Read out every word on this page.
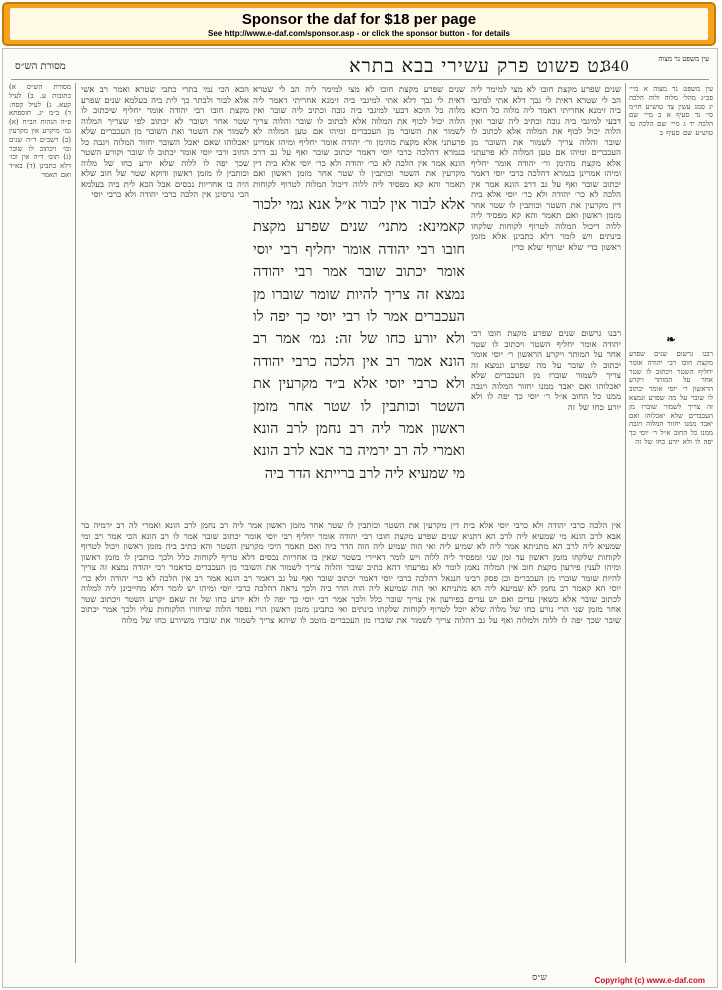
Sponsor the daf for $18 per page
See http://www.e-daf.com/sponsor.asp - or click the sponsor button - for details
מסורת הש״ס	גט פשוט פרק עשירי בבא בתרא
340	עין משפט נר מצוה
מסורת הש״ס א) כתובות ע. ב) לעיל קעא. ג) לעיל קסח: ד) ב״מ יג. תוספתא פ״ה הגהות הב״ח (א) גמ׳ מיקרע אין מקרעין (ב) רשב״ם ד״ה שנים וכו׳ ויכתוב לו שובר (ג) תוס׳ ד״ה אין וכו׳ דלא כתבינן (ד) בא״ד ואם תאמר
הכא הכי נמי בתרי כתבי שטרא ואמר רב אשי אלא לבור ולבתר כך לית ביה בעלמא שנים שפרע מקצת חובו רבי יהודה אומר יחליף שיכתוב לו שטר אחר ושובר לא יכתוב לפי שצריך המלוה לשמור את השטר ואת השובר מן העכברים שלא יאכלוהו שאם יאכל השובר יחזור המלוה ויגבה כל החוב ורבי יוסי אומר יכתוב לו שובר וקורע השטר שכך יפה לו ללוה שלא יורע כחו של מלוה וכותבין לו מזמן ראשון ודוקא שטר של חוב שלא היה בו אחריות נכסים אבל הכא לית ביה בעלמא הכי גרסינן אין הלכה כרבי יהודה ולא כרבי יוסי
שנים שפרע מקצת חובו לא מצי למימר ליה הב לי שטרא דאית לי גבך דלא אתי למיגבי ביה זימנא אחריתי דאמר ליה מלוה כל היכא דבעי למיגבי ביה גובה וכתיב ליה שובר ואין הלוה יכול לכוף את המלוה אלא לכתוב לו שובר והלוה צריך לשמור את השובר מן העכברים ומיהו אם טען המלוה לא פרעתני אלא מקצת מהימן ור׳ יהודה אומר יחליף ומיהו אמרינן בגמרא דהלכה כרבי יוסי דאמר יכתוב שובר ואף על גב דרב הונא אמר אין הלכה לא כר׳ יהודה ולא כר׳ יוסי אלא בית דין מקרעין את השטר וכותבין לו שטר אחר מזמן ראשון ואם תאמר והא קא מפסיד ליה ללוה דיכול המלוה לטרוף לקוחות שלקחו בינתים ויש לומר דלא כתבינן אלא מזמן ראשון כדי שלא יטרוף שלא כדין
שנים שפרע מקצת חובו לא מצי למימר ליה הב לי שטרא דאית לי גבך דלא אתי למיגבי ביה זימנא אחריתי דאמר ליה מלוה כל היכא דבעי למיגבי ביה גובה וכתיב ליה שובר ואין הלוה יכול לכוף את המלוה אלא לכתוב לו שובר והלוה צריך לשמור את השובר מן העכברים ומיהו אם טען המלוה לא פרעתני אלא מקצת מהימן ור׳ יהודה אומר יחליף ומיהו אמרינן בגמרא דהלכה כרבי יוסי דאמר יכתוב שובר ואף על גב דרב הונא אמר אין הלכה לא כר׳ יהודה ולא כר׳ יוסי אלא בית דין מקרעין את השטר וכותבין לו שטר אחר מזמן ראשון ואם תאמר והא קא מפסיד ליה ללוה דיכול המלוה לטרוף לקוחות
אלא לבור אין לבור א״ל אנא גמי ילכור קאמינא: מתני׳ שנים שפרע מקצת חובו רבי יהודה אומר יחליף רבי יוסי אומר יכתוב שובר אמר רבי יהודה נמצא זה צריך להיות שומר שוברו מן העכברים אמר לו רבי יוסי כך יפה לו ולא יורע כחו של זה: גמ׳ אמר רב הונא אמר רב אין הלכה כרבי יהודה ולא כרבי יוסי אלא ב״ד מקרעין את השטר וכותבין לו שטר אחר מזמן ראשון אמר ליה רב נחמן לרב הונא ואמרי לה רב ירמיה בר אבא לרב הונא מי שמעיא ליה לרב ברייתא הדר ביה
עין משפט נר מצוה א מיי׳ פכ״ג מהל׳ מלוה ולוה הלכה יג סמג עשין צד טוש״ע חו״מ סי׳ נד סעיף א ב מיי׳ שם הלכה יד ג מיי׳ שם הלכה טו טוש״ע שם סעיף ב
❧
רבנו גרשום שנים שפרע מקצת חובו רבי יהודה אומר יחליף השטר ויכתוב לו שטר אחר על המותר ויקרע הראשון ר׳ יוסי אומר יכתוב לו שובר על מה שפרע ונמצא זה צריך לשמור שוברו מן העכברים שלא יאכלוהו ואם יאבד ממנו יחזור המלוה ויגבה ממנו כל החוב א״ל ר׳ יוסי כך יפה לו ולא יורע כחו של זה
רבנו גרשום שנים שפרע מקצת חובו רבי יהודה אומר יחליף השטר ויכתוב לו שטר אחר על המותר ויקרע הראשון ר׳ יוסי אומר יכתוב לו שובר על מה שפרע ונמצא זה צריך לשמור שוברו מן העכברים שלא יאכלוהו ואם יאבד ממנו יחזור המלוה ויגבה ממנו כל החוב א״ל ר׳ יוסי כך יפה לו ולא יורע כחו של זה
אין הלכה כרבי יהודה ולא כרבי יוסי אלא בית דין מקרעין את השטר וכותבין לו שטר אחר מזמן ראשון אמר ליה רב נחמן לרב הונא ואמרי לה רב ירמיה בר אבא לרב הונא מי שמעיא ליה לרב הא דתניא שנים שפרע מקצת חובו רבי יהודה אומר יחליף רבי יוסי אומר יכתוב שובר אמר לו רב הונא הכי אמר רב ומי שמעיא ליה לרב הא מתניתא אמר ליה לא שמיע ליה ואי הוה שמיע ליה הוה הדר ביה ואם תאמר היכי מקרעין השטר והא כתיב ביה מזמן ראשון ויכול לטרוף לקוחות שלקחו מזמן ראשון עד זמן שני ומפסיד ליה ללוה ויש לומר דאיירי בשטר שאין בו אחריות נכסים דלא טריף לקוחות כלל ולכך כותבין לו מזמן ראשון ומיהו לענין פירעון מקצת חוב אין המלוה נאמן לומר לא נפרעתי דהא כתיב שובר והלוה צריך לשמור את השובר מן העכברים כדאמר רבי יהודה נמצא זה צריך להיות שומר שוברו מן העכברים וכן פסק רבינו חננאל דהלכה כרבי יוסי דאמר יכתוב שובר ואף על גב דאמר רב הונא אמר רב אין הלכה לא כר׳ יהודה ולא כר׳ יוסי הא קאמר רב נחמן לא שמיעא ליה הא מתניתא ואי הוה שמיעא ליה הוה הדר ביה ולכך נראה דהלכה כרבי יוסי ומיהו יש לומר דלא מחייבינן ליה למלוה לכתוב שובר אלא כשאין עדים ואם יש עדים בפירעון אין צריך שובר כלל ולכך אמר רבי יוסי כך יפה לו ולא יורע כחו של זה שאם יקרע השטר ויכתוב שטר אחר מזמן שני הרי נורע כחו של מלוה שלא יוכל לטרוף לקוחות שלקחו בינתים ואי כתבינן מזמן ראשון הרי נפסד הלוה שיחזרו הלקוחות עליו ולכך אמר יכתוב שובר שכך יפה לו ללוה ולמלוה ואף על גב דהלוה צריך לשמור את שוברו מן העכברים מוטב לו שיהא צריך לשמור את שוברו משיורע כחו של מלוה
ש״ס	Copyright (c) www.e-daf.com
